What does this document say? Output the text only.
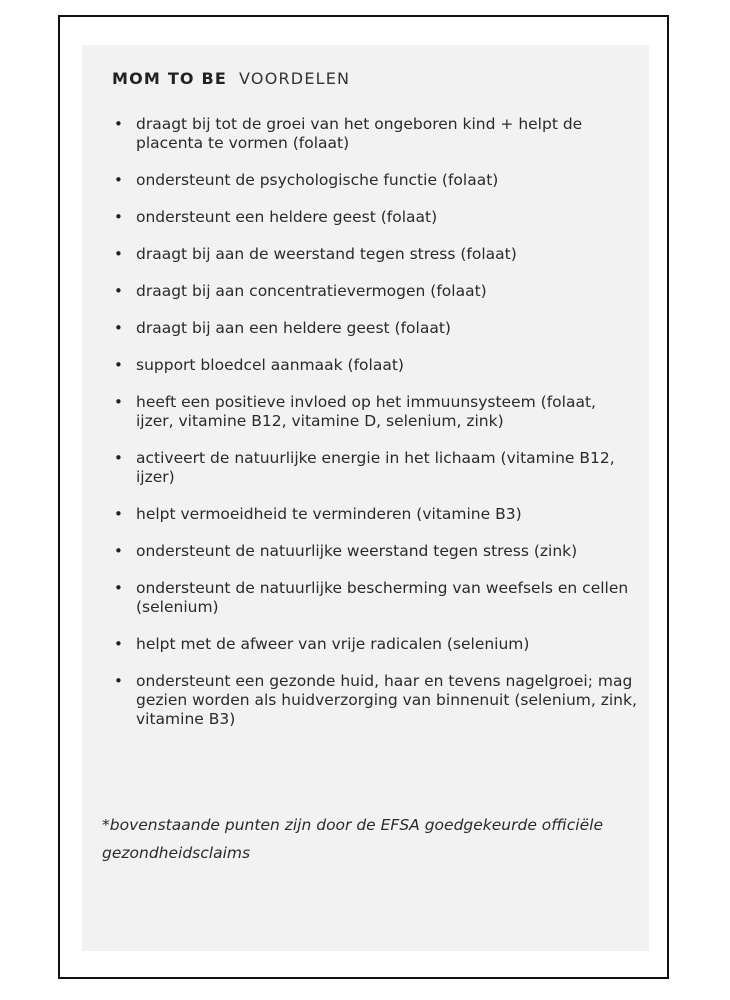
MOM TO BE VOORDELEN
• draagt bij tot de groei van het ongeboren kind + helpt de placenta te vormen (folaat)
• ondersteunt de psychologische functie (folaat)
• ondersteunt een heldere geest (folaat)
• draagt bij aan de weerstand tegen stress (folaat)
• draagt bij aan concentratievermogen (folaat)
• draagt bij aan een heldere geest (folaat)
• support bloedcel aanmaak (folaat)
• heeft een positieve invloed op het immuunsysteem (folaat, ijzer, vitamine B12, vitamine D, selenium, zink)
• activeert de natuurlijke energie in het lichaam (vitamine B12, ijzer)
• helpt vermoeidheid te verminderen (vitamine B3)
• ondersteunt de natuurlijke weerstand tegen stress (zink)
• ondersteunt de natuurlijke bescherming van weefsels en cellen (selenium)
• helpt met de afweer van vrije radicalen (selenium)
• ondersteunt een gezonde huid, haar en tevens nagelgroei; mag gezien worden als huidverzorging van binnenuit (selenium, zink, vitamine B3)
*bovenstaande punten zijn door de EFSA goedgekeurde officiële gezondheidsclaims
